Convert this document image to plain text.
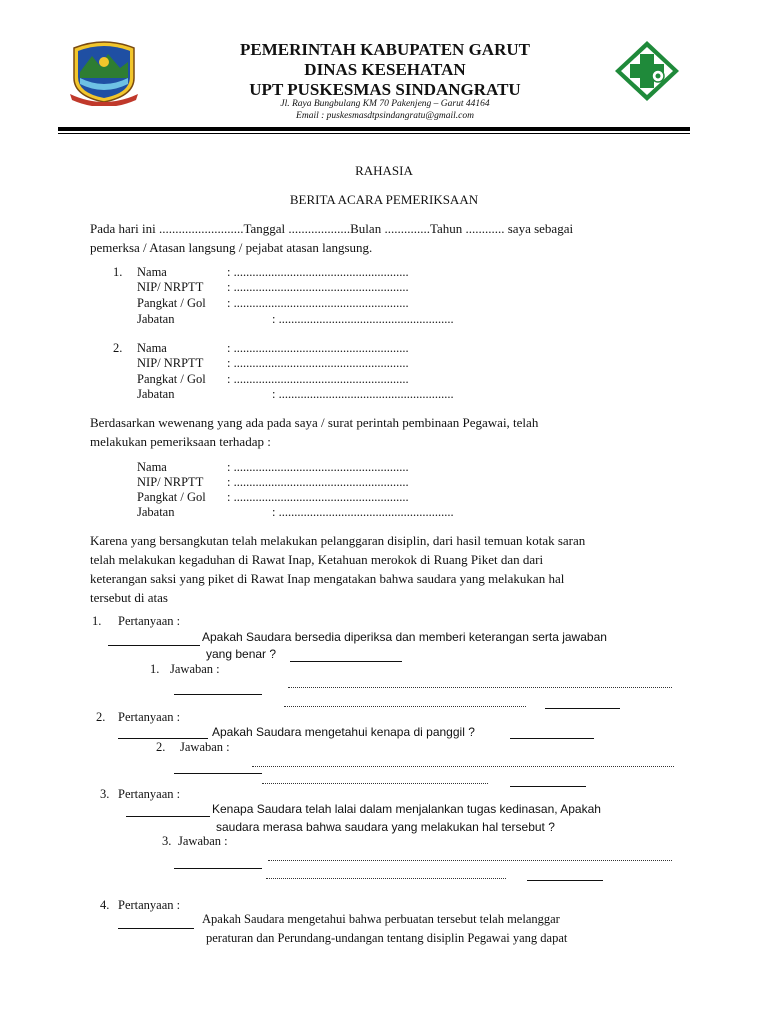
PEMERINTAH KABUPATEN GARUT
DINAS KESEHATAN
UPT PUSKESMAS SINDANGRATU
Jl. Raya Bungbulang KM 70 Pakenjeng – Garut 44164
Email : puskesmasdtpsindangratu@gmail.com
RAHASIA
BERITA ACARA PEMERIKSAAN
Pada hari ini ..........................Tanggal ...................Bulan ..............Tahun ............ saya sebagai
pemerksa / Atasan langsung / pejabat atasan langsung.
1. Nama	: ........................................................
NIP/ NRPTT : ........................................................
Pangkat / Gol : ........................................................
Jabatan	: ........................................................
2. Nama	: ........................................................
NIP/ NRPTT : ........................................................
Pangkat / Gol : ........................................................
Jabatan	: ........................................................
Berdasarkan wewenang yang ada pada saya / surat perintah pembinaan Pegawai, telah
melakukan pemeriksaan terhadap :
Nama	: ........................................................
NIP/ NRPTT : ........................................................
Pangkat / Gol : ........................................................
Jabatan	: ........................................................
Karena yang bersangkutan telah melakukan pelanggaran disiplin, dari hasil temuan kotak saran
telah melakukan kegaduhan di Rawat Inap, Ketahuan merokok di Ruang Piket dan dari
keterangan saksi yang piket di Rawat Inap mengatakan bahwa saudara yang melakukan hal
tersebut di atas
1. Pertanyaan :
Apakah Saudara bersedia diperiksa dan memberi keterangan serta jawaban
yang benar ?
1. Jawaban :
2. Pertanyaan :
Apakah Saudara mengetahui kenapa di panggil ?
2. Jawaban :
3. Pertanyaan :
Kenapa Saudara telah lalai dalam menjalankan tugas kedinasan, Apakah
saudara merasa bahwa saudara yang melakukan hal tersebut ?
3. Jawaban :
4. Pertanyaan :
Apakah Saudara mengetahui bahwa perbuatan tersebut telah melanggar
peraturan dan Perundang-undangan tentang disiplin Pegawai yang dapat
